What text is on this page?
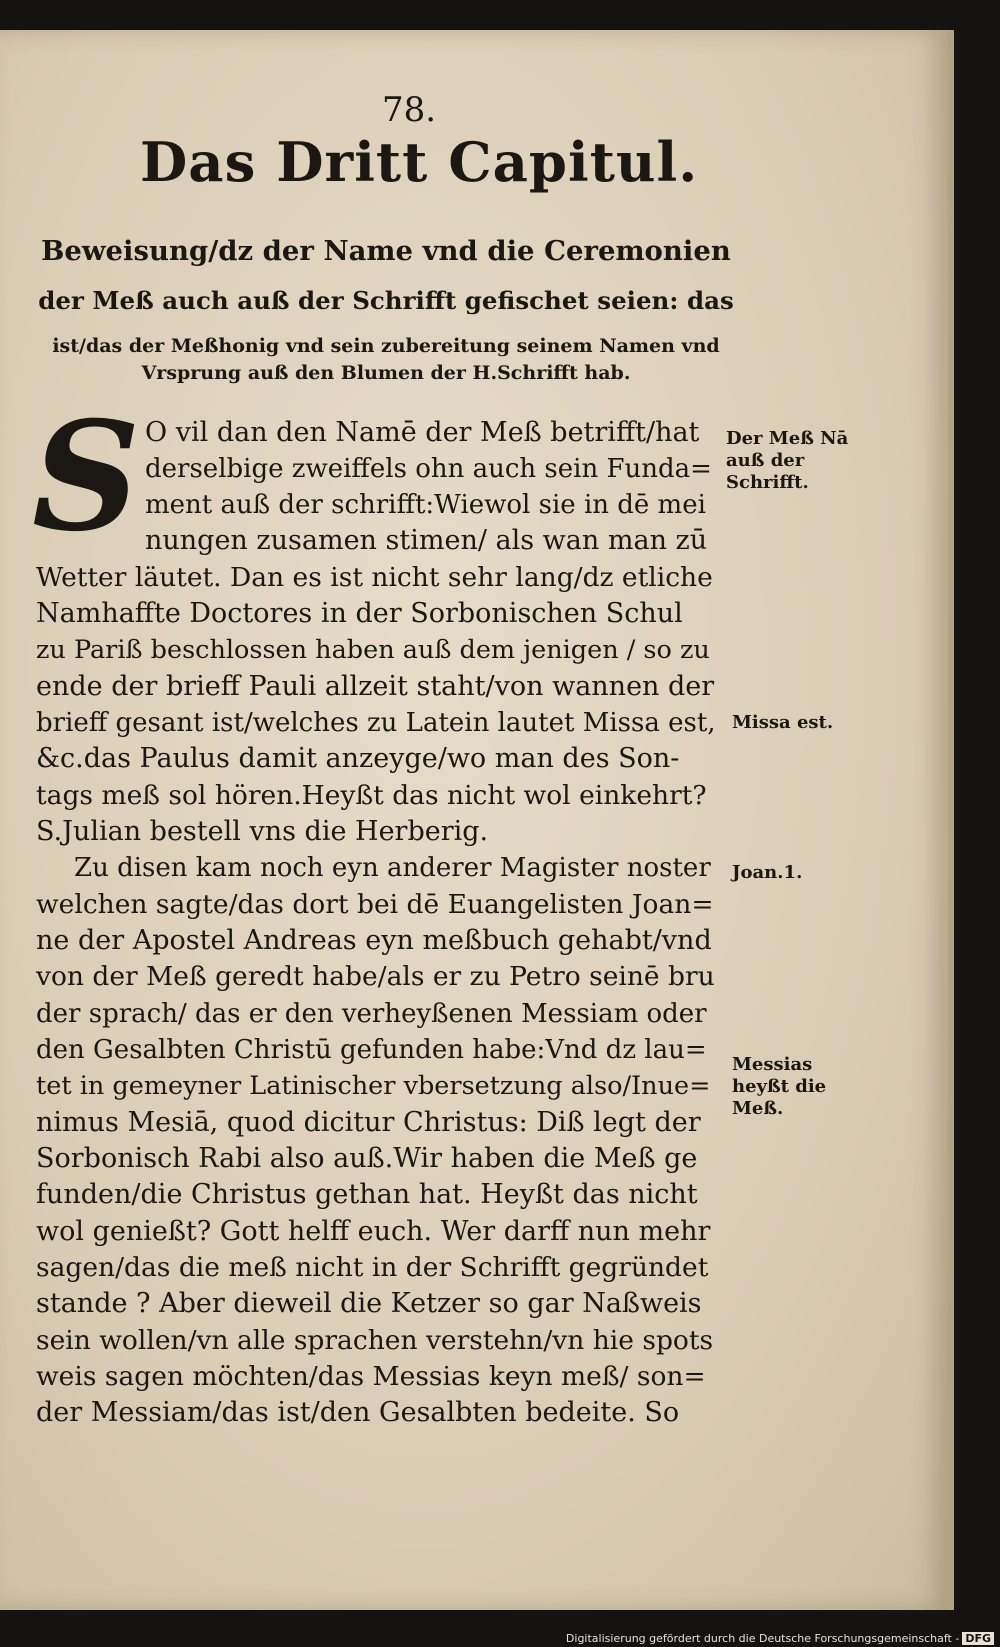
78.
Das Dritt Capitul.
Beweisung/dz der Name vnd die Ceremonien
der Meß auch auß der Schrifft gefischet seien: das
ist/das der Meßhonig vnd sein zubereitung seinem Namen vnd
Vrsprung auß den Blumen der H.Schrifft hab.
S O vil dan den Namē der Meß betrifft/hat
derselbige zweiffels ohn auch sein Funda=
ment auß der schrifft:Wiewol sie in dē mei
nungen zusamen stimen/ als wan man zū
Wetter läutet. Dan es ist nicht sehr lang/dz etliche
Namhaffte Doctores in der Sorbonischen Schul
zu Pariß beschlossen haben auß dem jenigen / so zu
ende der brieff Pauli allzeit staht/von wannen der
brieff gesant ist/welches zu Latein lautet Missa est,
&c.das Paulus damit anzeyge/wo man des Son-
tags meß sol hören.Heyßt das nicht wol einkehrt?
S.Julian bestell vns die Herberig.
Zu disen kam noch eyn anderer Magister noster
welchen sagte/das dort bei dē Euangelisten Joan=
ne der Apostel Andreas eyn meßbuch gehabt/vnd
von der Meß geredt habe/als er zu Petro seinē bru
der sprach/ das er den verheyßenen Messiam oder
den Gesalbten Christū gefunden habe:Vnd dz lau=
tet in gemeyner Latinischer vbersetzung also/Inue=
nimus Mesiā, quod dicitur Christus: Diß legt der
Sorbonisch Rabi also auß.Wir haben die Meß ge
funden/die Christus gethan hat. Heyßt das nicht
wol genießt? Gott helff euch. Wer darff nun mehr
sagen/das die meß nicht in der Schrifft gegründet
stande ? Aber dieweil die Ketzer so gar Naßweis
sein wollen/vn alle sprachen verstehn/vn hie spots
weis sagen möchten/das Messias keyn meß/ son=
der Messiam/das ist/den Gesalbten bedeite. So
Der Meß Nā
auß der
Schrifft.
Missa est.
Joan.1.
Messias
heyßt die
Meß.
Digitalisierung gefördert durch die Deutsche Forschungsgemeinschaft - DFG
